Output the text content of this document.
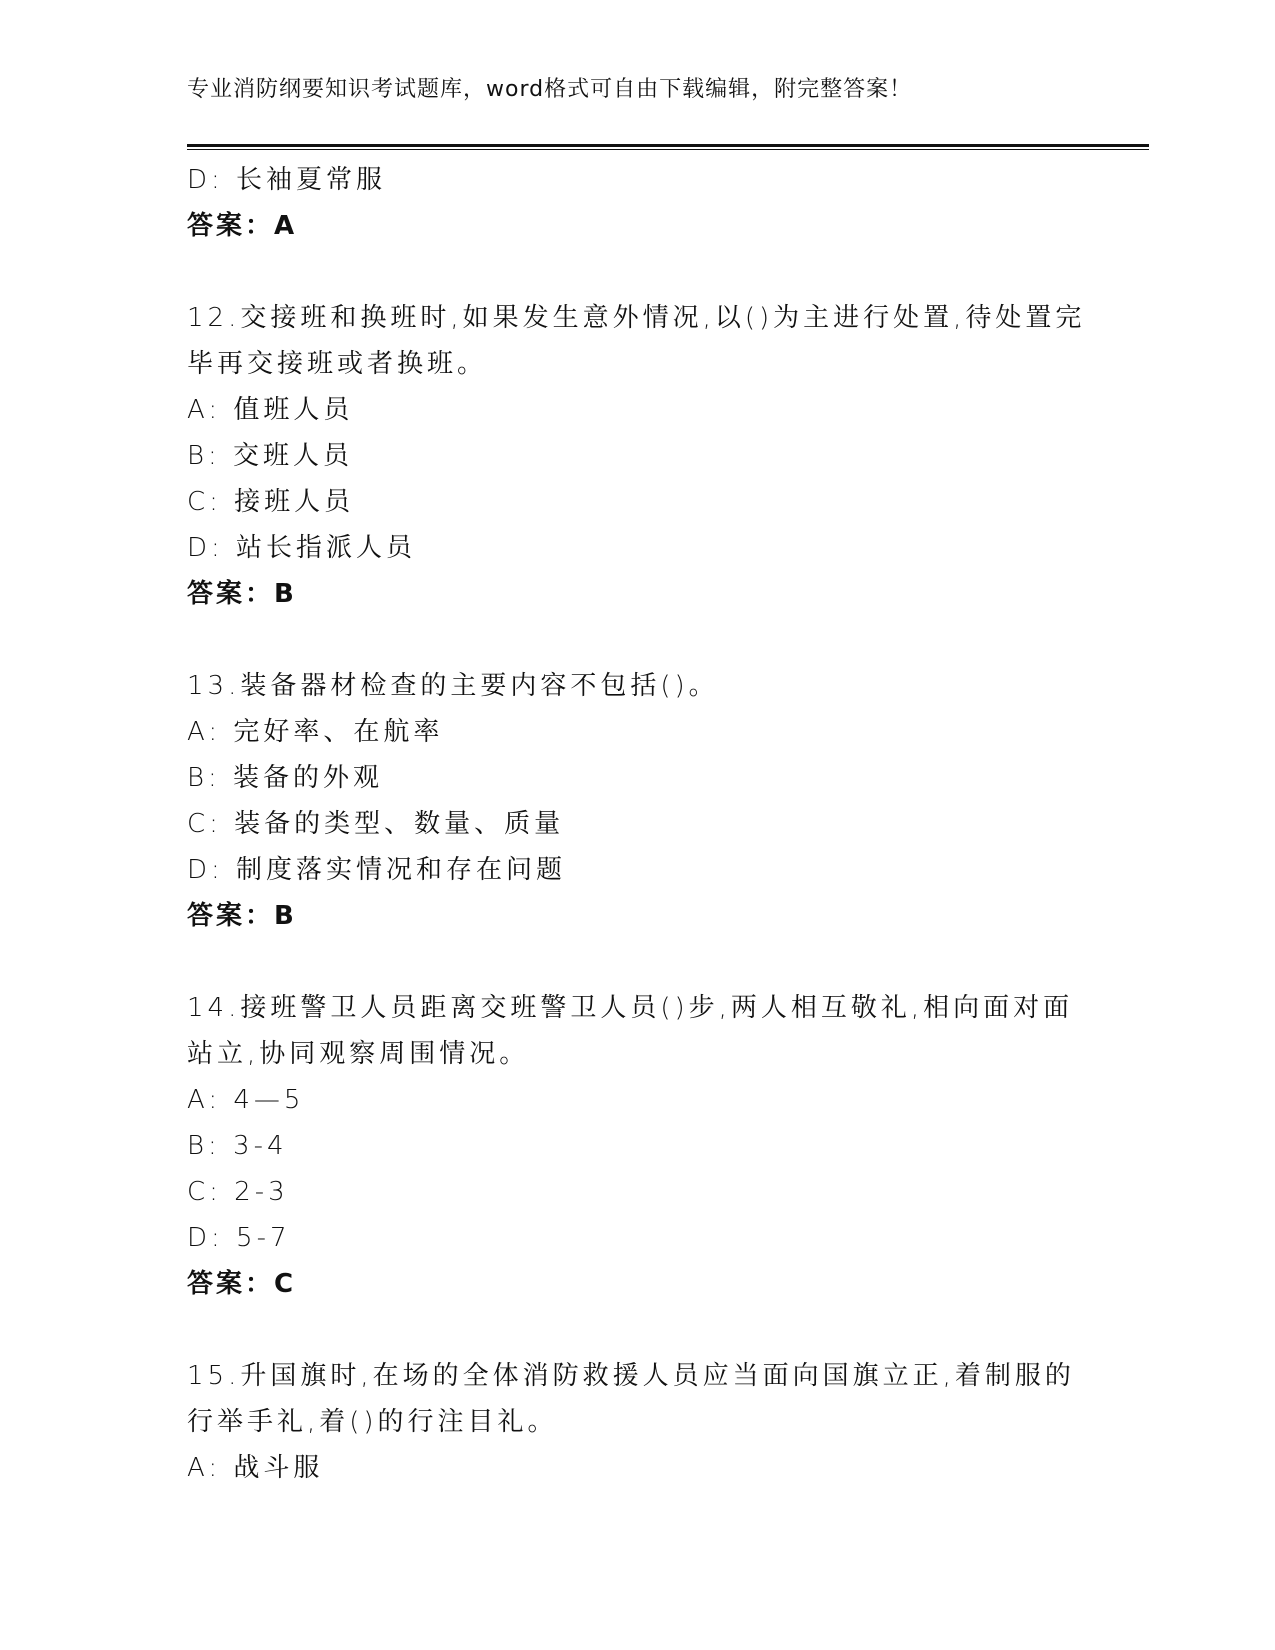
专业消防纲要知识考试题库，word格式可自由下载编辑，附完整答案！
D: 长袖夏常服
答案：A
12.交接班和换班时,如果发生意外情况,以()为主进行处置,待处置完毕再交接班或者换班。
A: 值班人员
B: 交班人员
C: 接班人员
D: 站长指派人员
答案：B
13.装备器材检查的主要内容不包括()。
A: 完好率、在航率
B: 装备的外观
C: 装备的类型、数量、质量
D: 制度落实情况和存在问题
答案：B
14.接班警卫人员距离交班警卫人员()步,两人相互敬礼,相向面对面站立,协同观察周围情况。
A: 4—5
B: 3-4
C: 2-3
D: 5-7
答案：C
15.升国旗时,在场的全体消防救援人员应当面向国旗立正,着制服的行举手礼,着()的行注目礼。
A: 战斗服
